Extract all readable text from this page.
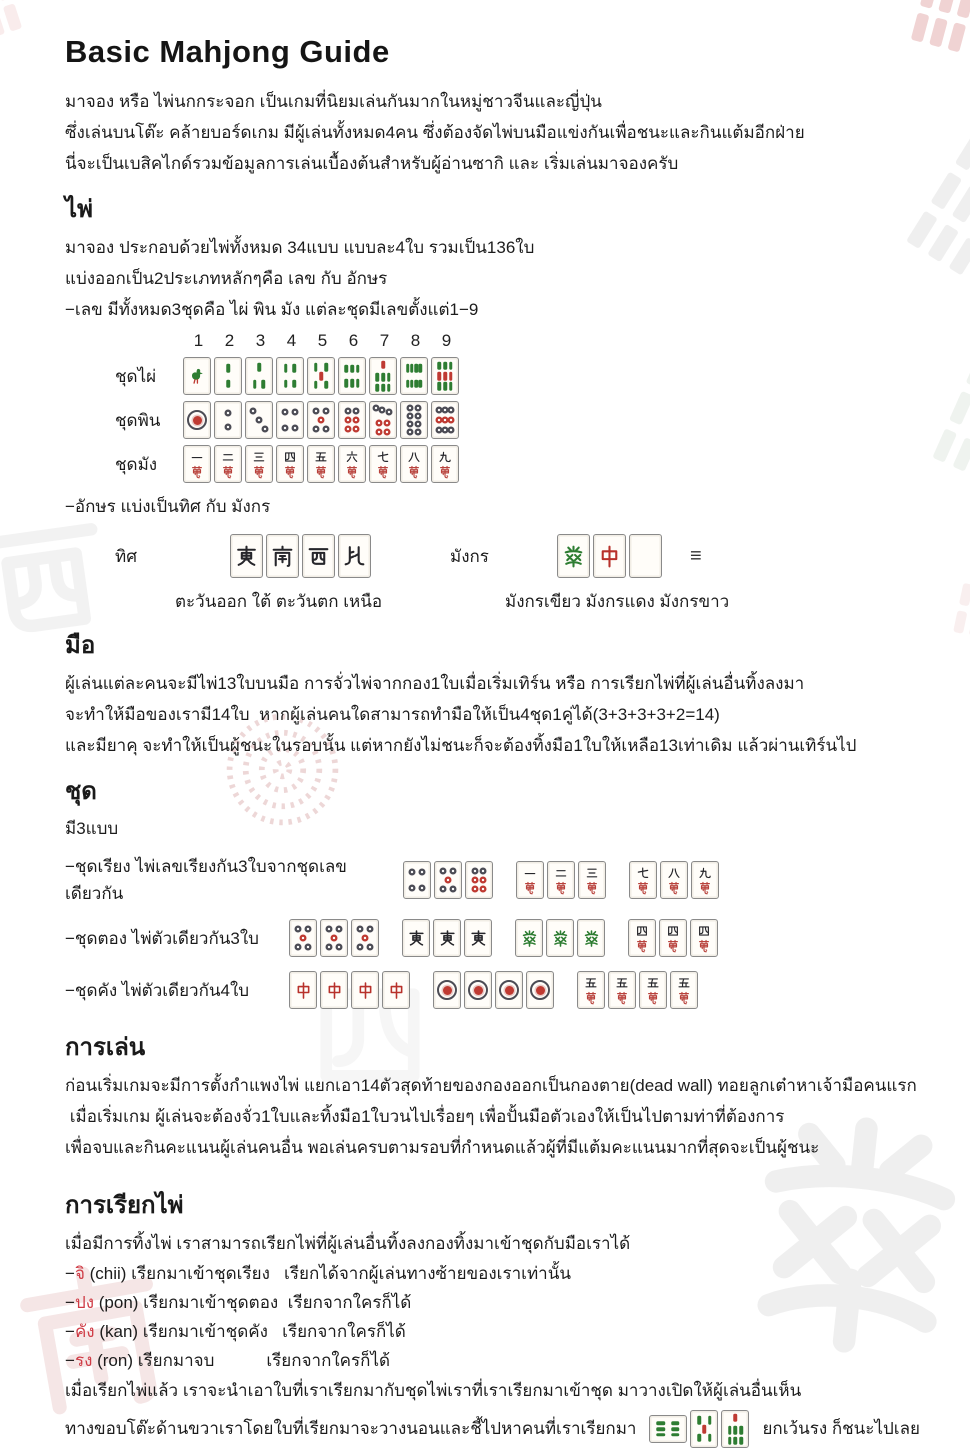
Basic Mahjong Guide

มาจอง หรือ ไพ่นกกระจอก เป็นเกมที่นิยมเล่นกันมากในหมู่ชาวจีนและญี่ปุ่น

ซึ่งเล่นบนโต๊ะ คล้ายบอร์ดเกม มีผู้เล่นทั้งหมด4คน ซึ่งต้องจัดไพ่บนมือแข่งกันเพื่อชนะและกินแต้มอีกฝ่าย

นี่จะเป็นเบสิคไกด์รวมข้อมูลการเล่นเบื้องต้นสำหรับผู้อ่านซากิ และ เริ่มเล่นมาจองครับ

ไพ่

มาจอง ประกอบด้วยไพ่ทั้งหมด 34แบบ แบบละ4ใบ รวมเป็น136ใบ

แบ่งออกเป็น2ประเภทหลักๆคือ เลข กับ อักษร

−เลข มีทั้งหมด3ชุดคือ ไผ่ พิน มัง แต่ละชุดมีเลขตั้งแต่1−9

1	2	3	4	5	6	7	8	9
ชุดไผ่
ชุดพิน
ชุดมัง

−อักษร แบ่งเป็นทิศ กับ มังกร

ทิศ	มังกร	≡
ตะวันออก ใต้ ตะวันตก เหนือ	มังกรเขียว มังกรแดง มังกรขาว
มือ

ผู้เล่นแต่ละคนจะมีไพ่13ใบบนมือ การจั่วไพ่จากกอง1ใบเมื่อเริ่มเทิร์น หรือ การเรียกไพ่ที่ผู้เล่นอื่นทิ้งลงมา

จะทำให้มือของเรามี14ใบ  หากผู้เล่นคนใดสามารถทำมือให้เป็น4ชุด1คู่ได้(3+3+3+3+2=14)

และมียาคุ จะทำให้เป็นผู้ชนะในรอบนั้น แต่หากยังไม่ชนะก็จะต้องทิ้งมือ1ใบให้เหลือ13เท่าเดิม แล้วผ่านเทิร์นไป

ชุด

มี3แบบ

−ชุดเรียง ไพ่เลขเรียงกัน3ใบจากชุดเลขเดียวกัน
−ชุดตอง ไพ่ตัวเดียวกัน3ใบ
−ชุดคัง ไพ่ตัวเดียวกัน4ใบ
การเล่น

ก่อนเริ่มเกมจะมีการตั้งกำแพงไพ่ แยกเอา14ตัวสุดท้ายของกองออกเป็นกองตาย(dead wall) ทอยลูกเต๋าหาเจ้ามือคนแรก

เมื่อเริ่มเกม ผู้เล่นจะต้องจั่ว1ใบและทิ้งมือ1ใบวนไปเรื่อยๆ เพื่อปั้นมือตัวเองให้เป็นไปตามท่าที่ต้องการ

เพื่อจบและกินคะแนนผู้เล่นคนอื่น พอเล่นครบตามรอบที่กำหนดแล้วผู้ที่มีแต้มคะแนนมากที่สุดจะเป็นผู้ชนะ

การเรียกไพ่

เมื่อมีการทิ้งไพ่ เราสามารถเรียกไพ่ที่ผู้เล่นอื่นทิ้งลงกองทิ้งมาเข้าชุดกับมือเราได้

−จิ (chii) เรียกมาเข้าชุดเรียง   เรียกได้จากผู้เล่นทางซ้ายของเราเท่านั้น

−ปง (pon) เรียกมาเข้าชุดตอง  เรียกจากใครก็ได้

−คัง (kan) เรียกมาเข้าชุดคัง   เรียกจากใครก็ได้

−รง (ron) เรียกมาจบ           เรียกจากใครก็ได้

เมื่อเรียกไพ่แล้ว เราจะนำเอาใบที่เราเรียกมากับชุดไพ่เราที่เราเรียกมาเข้าชุด มาวางเปิดให้ผู้เล่นอื่นเห็น

ทางขอบโต๊ะด้านขวาเราโดยใบที่เรียกมาจะวางนอนและชี้ไปหาคนที่เราเรียกมา	ยกเว้นรง ก็ชนะไปเลย
